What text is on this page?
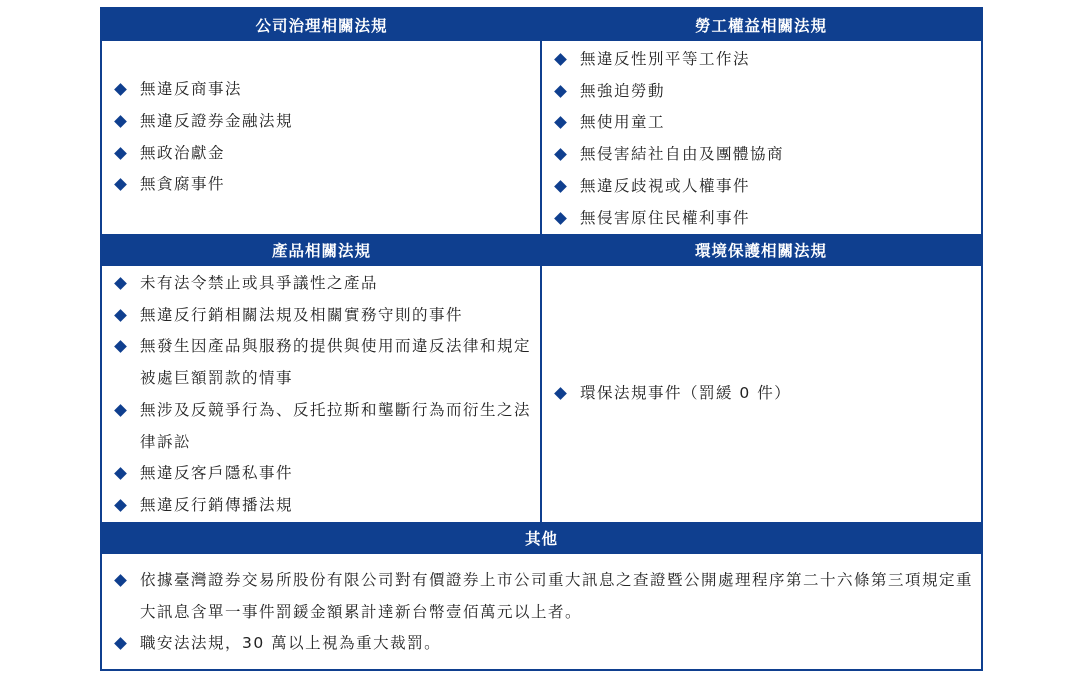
公司治理相關法規	勞工權益相關法規
無違反商事法
無違反證券金融法規
無政治獻金
無貪腐事件
無違反性別平等工作法
無強迫勞動
無使用童工
無侵害結社自由及團體協商
無違反歧視或人權事件
無侵害原住民權利事件
產品相關法規	環境保護相關法規
未有法令禁止或具爭議性之產品
無違反行銷相關法規及相關實務守則的事件
無發生因產品與服務的提供與使用而違反法律和規定被處巨額罰款的情事
無涉及反競爭行為、反托拉斯和壟斷行為而衍生之法律訴訟
無違反客戶隱私事件
無違反行銷傳播法規
環保法規事件（罰緩 0 件）
其他
依據臺灣證券交易所股份有限公司對有價證券上市公司重大訊息之查證暨公開處理程序第二十六條第三項規定重大訊息含單一事件罰鍰金額累計達新台幣壹佰萬元以上者。
職安法法規，30 萬以上視為重大裁罰。
